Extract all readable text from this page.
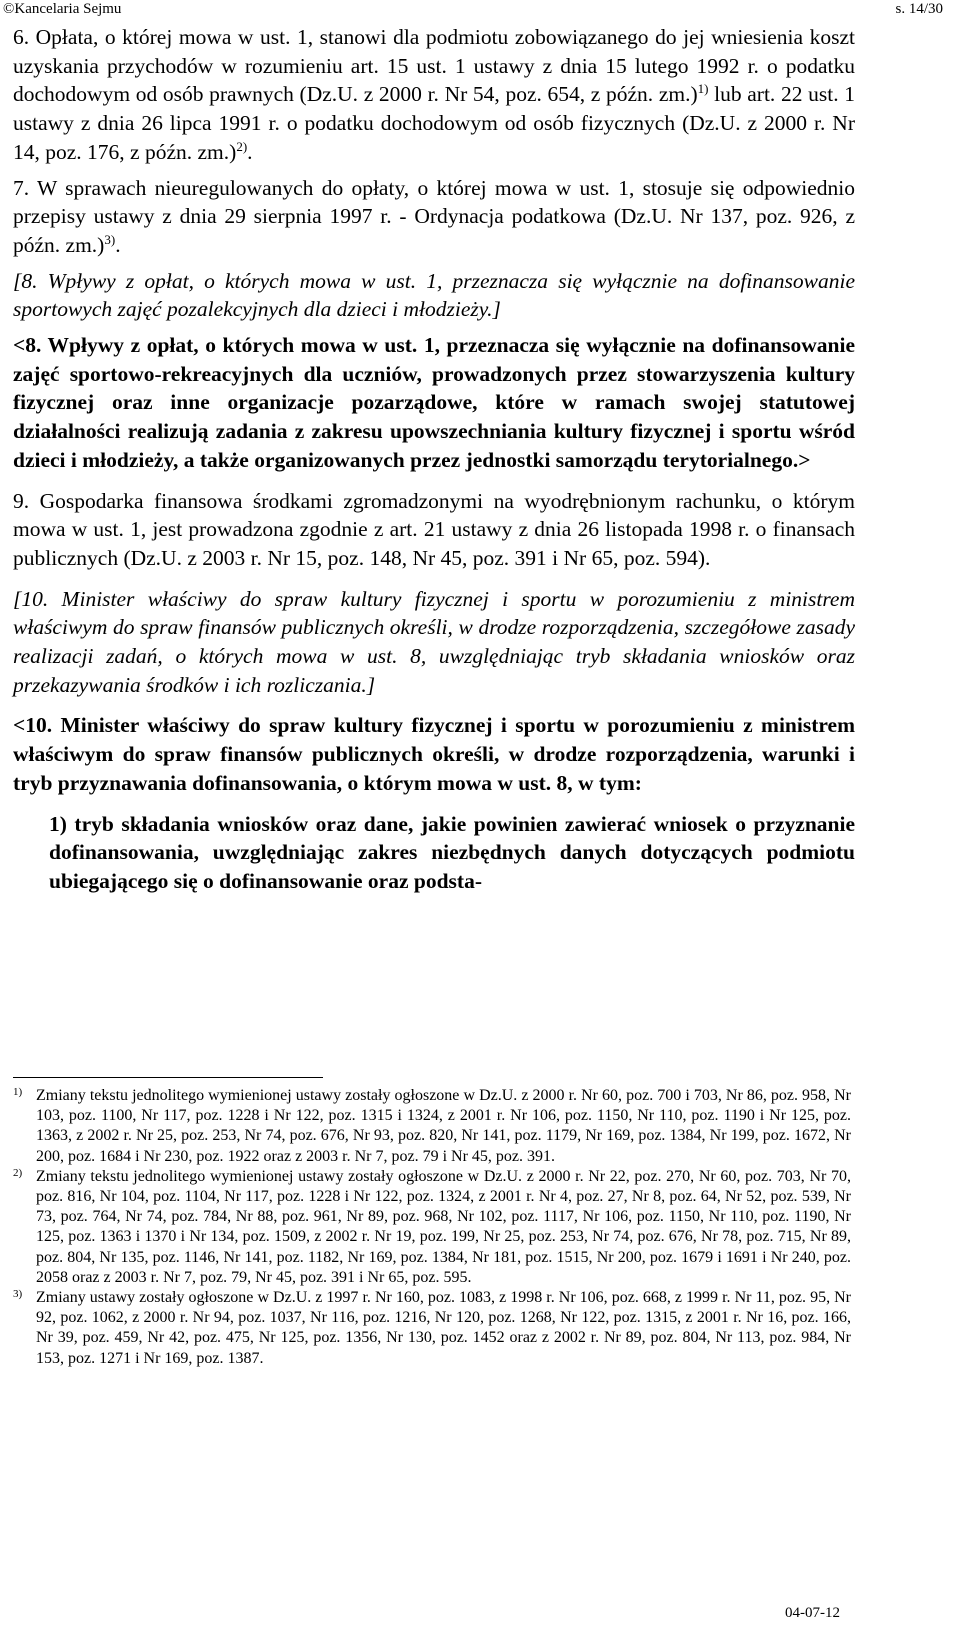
©Kancelaria Sejmu	s. 14/30

6. Opłata, o której mowa w ust. 1, stanowi dla podmiotu zobowiązanego do jej wniesienia koszt uzyskania przychodów w rozumieniu art. 15 ust. 1 ustawy z dnia 15 lutego 1992 r. o podatku dochodowym od osób prawnych (Dz.U. z 2000 r. Nr 54, poz. 654, z późn. zm.)$^{1)}$ lub art. 22 ust. 1 ustawy z dnia 26 lipca 1991 r. o podatku dochodowym od osób fizycznych (Dz.U. z 2000 r. Nr 14, poz. 176, z późn. zm.)$^{2)}$.

7. W sprawach nieuregulowanych do opłaty, o której mowa w ust. 1, stosuje się odpowiednio przepisy ustawy z dnia 29 sierpnia 1997 r. - Ordynacja podatkowa (Dz.U. Nr 137, poz. 926, z późn. zm.)$^{3)}$.

[8. Wpływy z opłat, o których mowa w ust. 1, przeznacza się wyłącznie na dofinansowanie sportowych zajęć pozalekcyjnych dla dzieci i młodzieży.]

<8. Wpływy z opłat, o których mowa w ust. 1, przeznacza się wyłącznie na dofinansowanie zajęć sportowo-rekreacyjnych dla uczniów, prowadzonych przez stowarzyszenia kultury fizycznej oraz inne organizacje pozarządowe, które w ramach swojej statutowej działalności realizują zadania z zakresu upowszechniania kultury fizycznej i sportu wśród dzieci i młodzieży, a także organizowanych przez jednostki samorządu terytorialnego.>

9. Gospodarka finansowa środkami zgromadzonymi na wyodrębnionym rachunku, o którym mowa w ust. 1, jest prowadzona zgodnie z art. 21 ustawy z dnia 26 listopada 1998 r. o finansach publicznych (Dz.U. z 2003 r. Nr 15, poz. 148, Nr 45, poz. 391 i Nr 65, poz. 594).

[10. Minister właściwy do spraw kultury fizycznej i sportu w porozumieniu z ministrem właściwym do spraw finansów publicznych określi, w drodze rozporządzenia, szczegółowe zasady realizacji zadań, o których mowa w ust. 8, uwzględniając tryb składania wniosków oraz przekazywania środków i ich rozliczania.]

<10. Minister właściwy do spraw kultury fizycznej i sportu w porozumieniu z ministrem właściwym do spraw finansów publicznych określi, w drodze rozporządzenia, warunki i tryb przyznawania dofinansowania, o którym mowa w ust. 8, w tym:

1) tryb składania wniosków oraz dane, jakie powinien zawierać wniosek o przyznanie dofinansowania, uwzględniając zakres niezbędnych danych dotyczących podmiotu ubiegającego się o dofinansowanie oraz podsta-

1) Zmiany tekstu jednolitego wymienionej ustawy zostały ogłoszone w Dz.U. z 2000 r. Nr 60, poz. 700 i 703, Nr 86, poz. 958, Nr 103, poz. 1100, Nr 117, poz. 1228 i Nr 122, poz. 1315 i 1324, z 2001 r. Nr 106, poz. 1150, Nr 110, poz. 1190 i Nr 125, poz. 1363, z 2002 r. Nr 25, poz. 253, Nr 74, poz. 676, Nr 93, poz. 820, Nr 141, poz. 1179, Nr 169, poz. 1384, Nr 199, poz. 1672, Nr 200, poz. 1684 i Nr 230, poz. 1922 oraz z 2003 r. Nr 7, poz. 79 i Nr 45, poz. 391.

2) Zmiany tekstu jednolitego wymienionej ustawy zostały ogłoszone w Dz.U. z 2000 r. Nr 22, poz. 270, Nr 60, poz. 703, Nr 70, poz. 816, Nr 104, poz. 1104, Nr 117, poz. 1228 i Nr 122, poz. 1324, z 2001 r. Nr 4, poz. 27, Nr 8, poz. 64, Nr 52, poz. 539, Nr 73, poz. 764, Nr 74, poz. 784, Nr 88, poz. 961, Nr 89, poz. 968, Nr 102, poz. 1117, Nr 106, poz. 1150, Nr 110, poz. 1190, Nr 125, poz. 1363 i 1370 i Nr 134, poz. 1509, z 2002 r. Nr 19, poz. 199, Nr 25, poz. 253, Nr 74, poz. 676, Nr 78, poz. 715, Nr 89, poz. 804, Nr 135, poz. 1146, Nr 141, poz. 1182, Nr 169, poz. 1384, Nr 181, poz. 1515, Nr 200, poz. 1679 i 1691 i Nr 240, poz. 2058 oraz z 2003 r. Nr 7, poz. 79, Nr 45, poz. 391 i Nr 65, poz. 595.

3) Zmiany ustawy zostały ogłoszone w Dz.U. z 1997 r. Nr 160, poz. 1083, z 1998 r. Nr 106, poz. 668, z 1999 r. Nr 11, poz. 95, Nr 92, poz. 1062, z 2000 r. Nr 94, poz. 1037, Nr 116, poz. 1216, Nr 120, poz. 1268, Nr 122, poz. 1315, z 2001 r. Nr 16, poz. 166, Nr 39, poz. 459, Nr 42, poz. 475, Nr 125, poz. 1356, Nr 130, poz. 1452 oraz z 2002 r. Nr 89, poz. 804, Nr 113, poz. 984, Nr 153, poz. 1271 i Nr 169, poz. 1387.

04-07-12
